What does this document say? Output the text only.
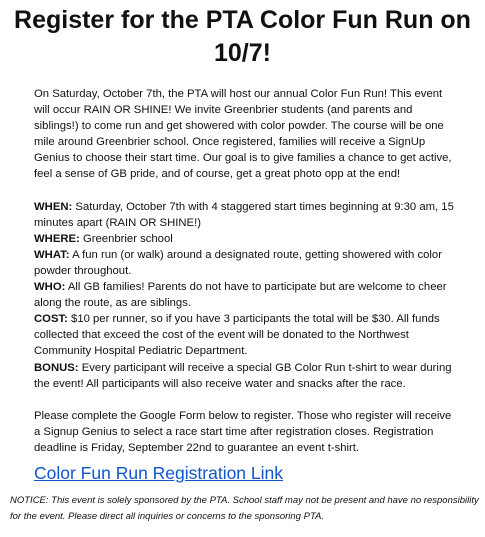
Register for the PTA Color Fun Run on 10/7!

On Saturday, October 7th, the PTA will host our annual Color Fun Run! This event will occur RAIN OR SHINE! We invite Greenbrier students (and parents and siblings!) to come run and get showered with color powder. The course will be one mile around Greenbrier school. Once registered, families will receive a SignUp Genius to choose their start time. Our goal is to give families a chance to get active, feel a sense of GB pride, and of course, get a great photo opp at the end!

WHEN: Saturday, October 7th with 4 staggered start times beginning at 9:30 am, 15 minutes apart (RAIN OR SHINE!)
WHERE: Greenbrier school
WHAT: A fun run (or walk) around a designated route, getting showered with color powder throughout.
WHO: All GB families! Parents do not have to participate but are welcome to cheer along the route, as are siblings.
COST: $10 per runner, so if you have 3 participants the total will be $30. All funds collected that exceed the cost of the event will be donated to the Northwest Community Hospital Pediatric Department.
BONUS: Every participant will receive a special GB Color Run t-shirt to wear during the event! All participants will also receive water and snacks after the race.

Please complete the Google Form below to register. Those who register will receive a Signup Genius to select a race start time after registration closes. Registration deadline is Friday, September 22nd to guarantee an event t-shirt.

Color Fun Run Registration Link

NOTICE: This event is solely sponsored by the PTA. School staff may not be present and have no responsibility for the event. Please direct all inquiries or concerns to the sponsoring PTA.
